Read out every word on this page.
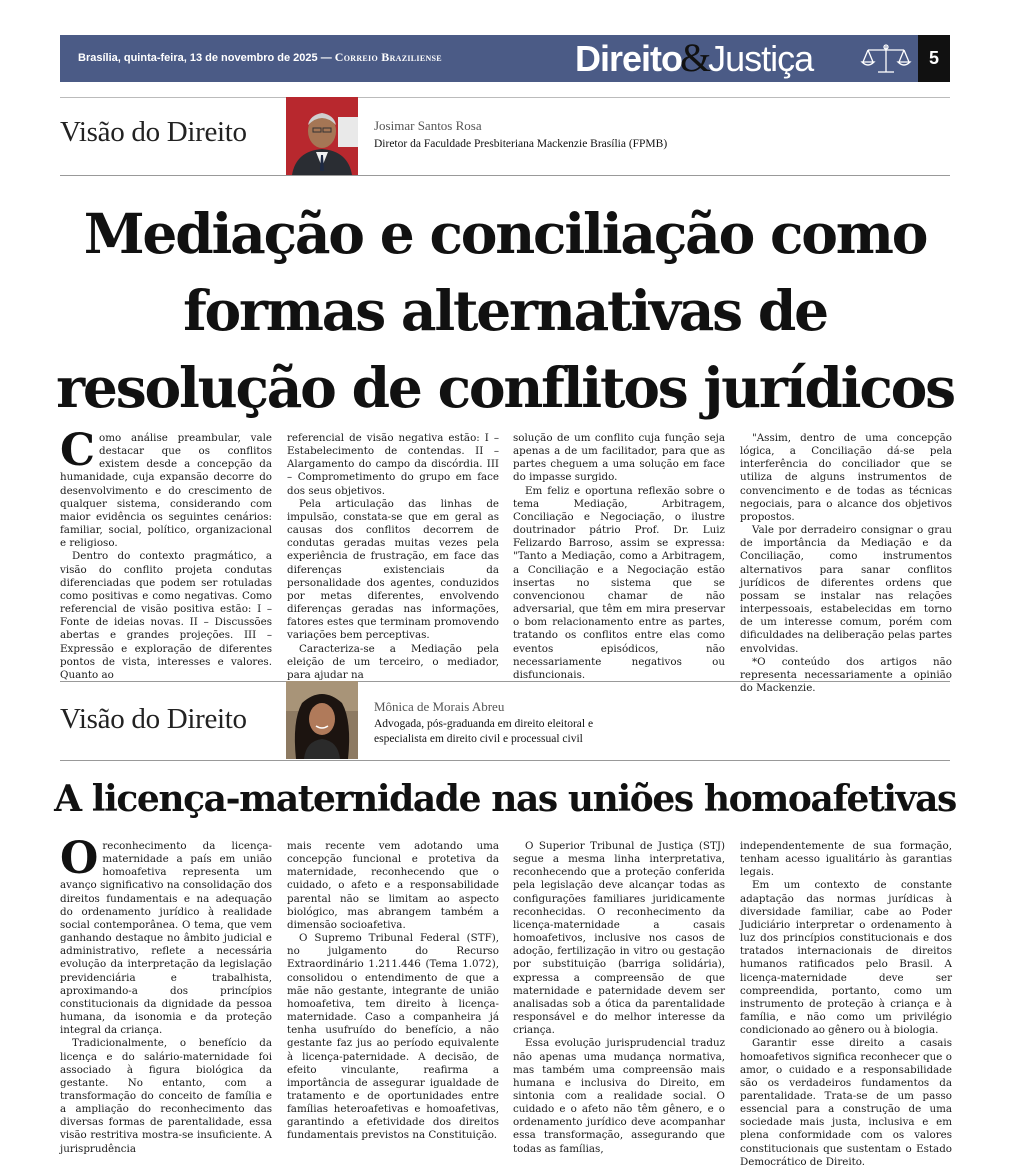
Brasília, quinta-feira, 13 de novembro de 2025 — Correio Braziliense	Direito&Justiça	5
Visão do Direito	Josimar Santos Rosa
Diretor da Faculdade Presbiteriana Mackenzie Brasília (FPMB)
Mediação e conciliação como formas alternativas de resolução de conflitos jurídicos
C omo análise preambular, vale destacar que os conflitos existem desde a concepção da humanidade, cuja expansão decorre do desenvolvimento e do crescimento de qualquer sistema, considerando com maior evidência os seguintes cenários: familiar, social, político, organizacional e religioso.

Dentro do contexto pragmático, a visão do conflito projeta condutas diferenciadas que podem ser rotuladas como positivas e como negativas. Como referencial de visão positiva estão: I – Fonte de ideias novas. II – Discussões abertas e grandes projeções. III – Expressão e exploração de diferentes pontos de vista, interesses e valores. Quanto ao

referencial de visão negativa estão: I – Estabelecimento de contendas. II – Alargamento do campo da discórdia. III – Comprometimento do grupo em face dos seus objetivos.

Pela articulação das linhas de impulsão, constata-se que em geral as causas dos conflitos decorrem de condutas geradas muitas vezes pela experiência de frustração, em face das diferenças existenciais da personalidade dos agentes, conduzidos por metas diferentes, envolvendo diferenças geradas nas informações, fatores estes que terminam promovendo variações bem perceptivas.

Caracteriza-se a Mediação pela eleição de um terceiro, o mediador, para ajudar na

solução de um conflito cuja função seja apenas a de um facilitador, para que as partes cheguem a uma solução em face do impasse surgido.

Em feliz e oportuna reflexão sobre o tema Mediação, Arbitragem, Conciliação e Negociação, o ilustre doutrinador pátrio Prof. Dr. Luiz Felizardo Barroso, assim se expressa: "Tanto a Mediação, como a Arbitragem, a Conciliação e a Negociação estão insertas no sistema que se convencionou chamar de não adversarial, que têm em mira preservar o bom relacionamento entre as partes, tratando os conflitos entre elas como eventos episódicos, não necessariamente negativos ou disfuncionais.

"Assim, dentro de uma concepção lógica, a Conciliação dá-se pela interferência do conciliador que se utiliza de alguns instrumentos de convencimento e de todas as técnicas negociais, para o alcance dos objetivos propostos.

Vale por derradeiro consignar o grau de importância da Mediação e da Conciliação, como instrumentos alternativos para sanar conflitos jurídicos de diferentes ordens que possam se instalar nas relações interpessoais, estabelecidas em torno de um interesse comum, porém com dificuldades na deliberação pelas partes envolvidas.

*O conteúdo dos artigos não representa necessariamente a opinião do Mackenzie.

Visão do Direito	Mônica de Morais Abreu
Advogada, pós-graduanda em direito eleitoral e especialista em direito civil e processual civil
A licença-maternidade nas uniões homoafetivas
O reconhecimento da licença-maternidade a país em união homoafetiva representa um avanço significativo na consolidação dos direitos fundamentais e na adequação do ordenamento jurídico à realidade social contemporânea. O tema, que vem ganhando destaque no âmbito judicial e administrativo, reflete a necessária evolução da interpretação da legislação previdenciária e trabalhista, aproximando-a dos princípios constitucionais da dignidade da pessoa humana, da isonomia e da proteção integral da criança.

Tradicionalmente, o benefício da licença e do salário-maternidade foi associado à figura biológica da gestante. No entanto, com a transformação do conceito de família e a ampliação do reconhecimento das diversas formas de parentalidade, essa visão restritiva mostra-se insuficiente. A jurisprudência

mais recente vem adotando uma concepção funcional e protetiva da maternidade, reconhecendo que o cuidado, o afeto e a responsabilidade parental não se limitam ao aspecto biológico, mas abrangem também a dimensão socioafetiva.

O Supremo Tribunal Federal (STF), no julgamento do Recurso Extraordinário 1.211.446 (Tema 1.072), consolidou o entendimento de que a mãe não gestante, integrante de união homoafetiva, tem direito à licença-maternidade. Caso a companheira já tenha usufruído do benefício, a não gestante faz jus ao período equivalente à licença-paternidade. A decisão, de efeito vinculante, reafirma a importância de assegurar igualdade de tratamento e de oportunidades entre famílias heteroafetivas e homoafetivas, garantindo a efetividade dos direitos fundamentais previstos na Constituição.

O Superior Tribunal de Justiça (STJ) segue a mesma linha interpretativa, reconhecendo que a proteção conferida pela legislação deve alcançar todas as configurações familiares juridicamente reconhecidas. O reconhecimento da licença-maternidade a casais homoafetivos, inclusive nos casos de adoção, fertilização in vitro ou gestação por substituição (barriga solidária), expressa a compreensão de que maternidade e paternidade devem ser analisadas sob a ótica da parentalidade responsável e do melhor interesse da criança.

Essa evolução jurisprudencial traduz não apenas uma mudança normativa, mas também uma compreensão mais humana e inclusiva do Direito, em sintonia com a realidade social. O cuidado e o afeto não têm gênero, e o ordenamento jurídico deve acompanhar essa transformação, assegurando que todas as famílias,

independentemente de sua formação, tenham acesso igualitário às garantias legais.

Em um contexto de constante adaptação das normas jurídicas à diversidade familiar, cabe ao Poder Judiciário interpretar o ordenamento à luz dos princípios constitucionais e dos tratados internacionais de direitos humanos ratificados pelo Brasil. A licença-maternidade deve ser compreendida, portanto, como um instrumento de proteção à criança e à família, e não como um privilégio condicionado ao gênero ou à biologia.

Garantir esse direito a casais homoafetivos significa reconhecer que o amor, o cuidado e a responsabilidade são os verdadeiros fundamentos da parentalidade. Trata-se de um passo essencial para a construção de uma sociedade mais justa, inclusiva e em plena conformidade com os valores constitucionais que sustentam o Estado Democrático de Direito.
